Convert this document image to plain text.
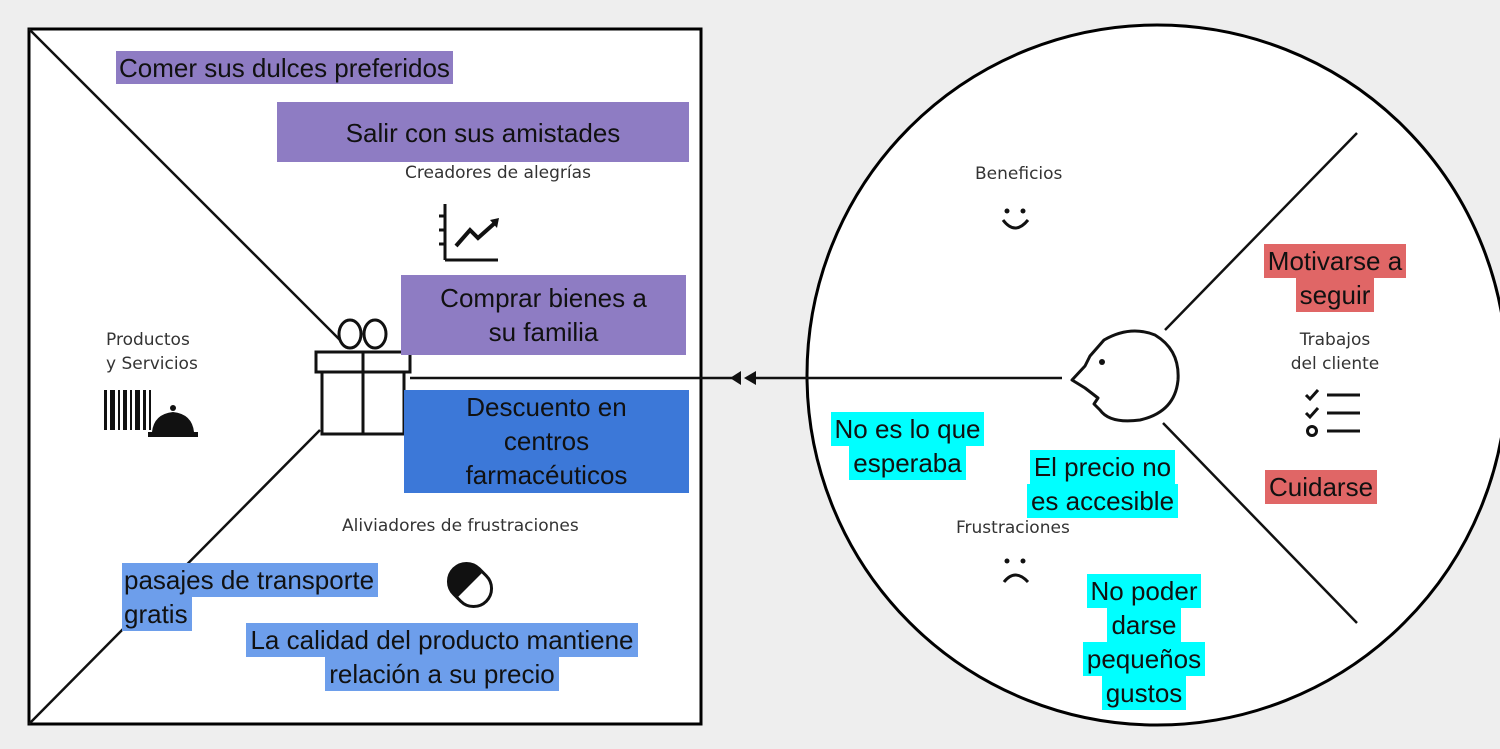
Productos
y Servicios
Creadores de alegrías
Aliviadores de frustraciones
Beneficios
Frustraciones
Trabajos
del cliente
Comer sus dulces preferidos
Salir con sus amistades
Comprar bienes a
su familia
Descuento en
centros
farmacéuticos
pasajes de transporte
gratis
La calidad del producto mantiene
relación a su precio
Motivarse a
seguir
Cuidarse
No es lo que
esperaba	El precio no
es accesible
No poder
darse
pequeños
gustos
